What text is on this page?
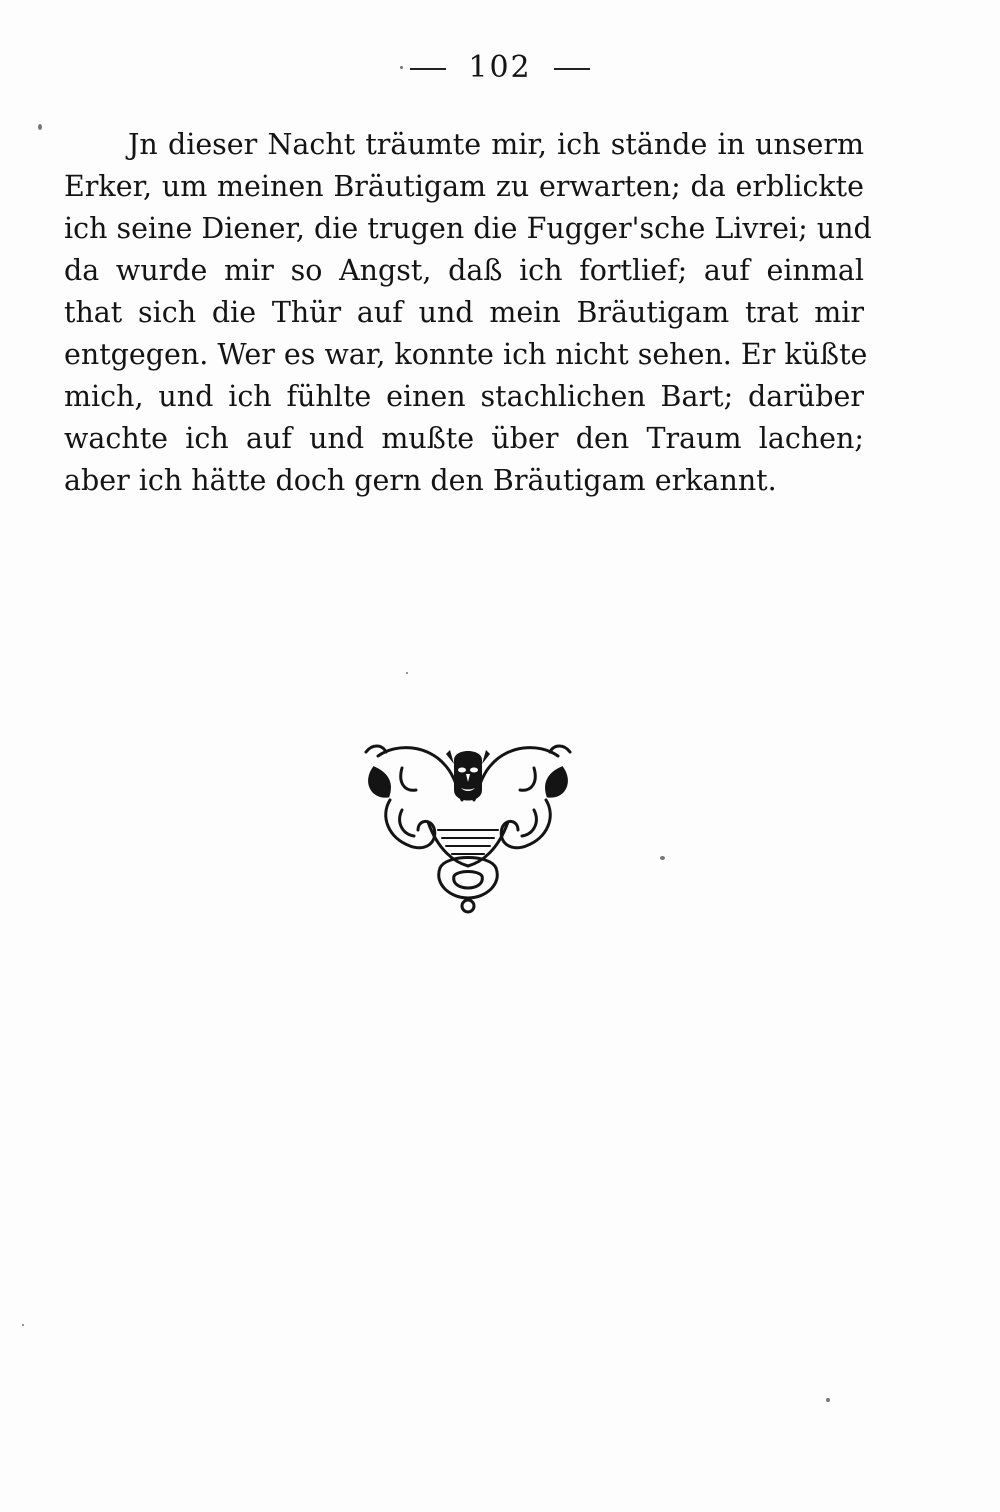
102

Jn dieser Nacht träumte mir, ich stände in unserm
Erker, um meinen Bräutigam zu erwarten; da erblickte
ich seine Diener, die trugen die Fugger'sche Livrei; und
da wurde mir so Angst, daß ich fortlief; auf einmal
that sich die Thür auf und mein Bräutigam trat mir
entgegen. Wer es war, konnte ich nicht sehen. Er küßte
mich, und ich fühlte einen stachlichen Bart; darüber
wachte ich auf und mußte über den Traum lachen;
aber ich hätte doch gern den Bräutigam erkannt.
